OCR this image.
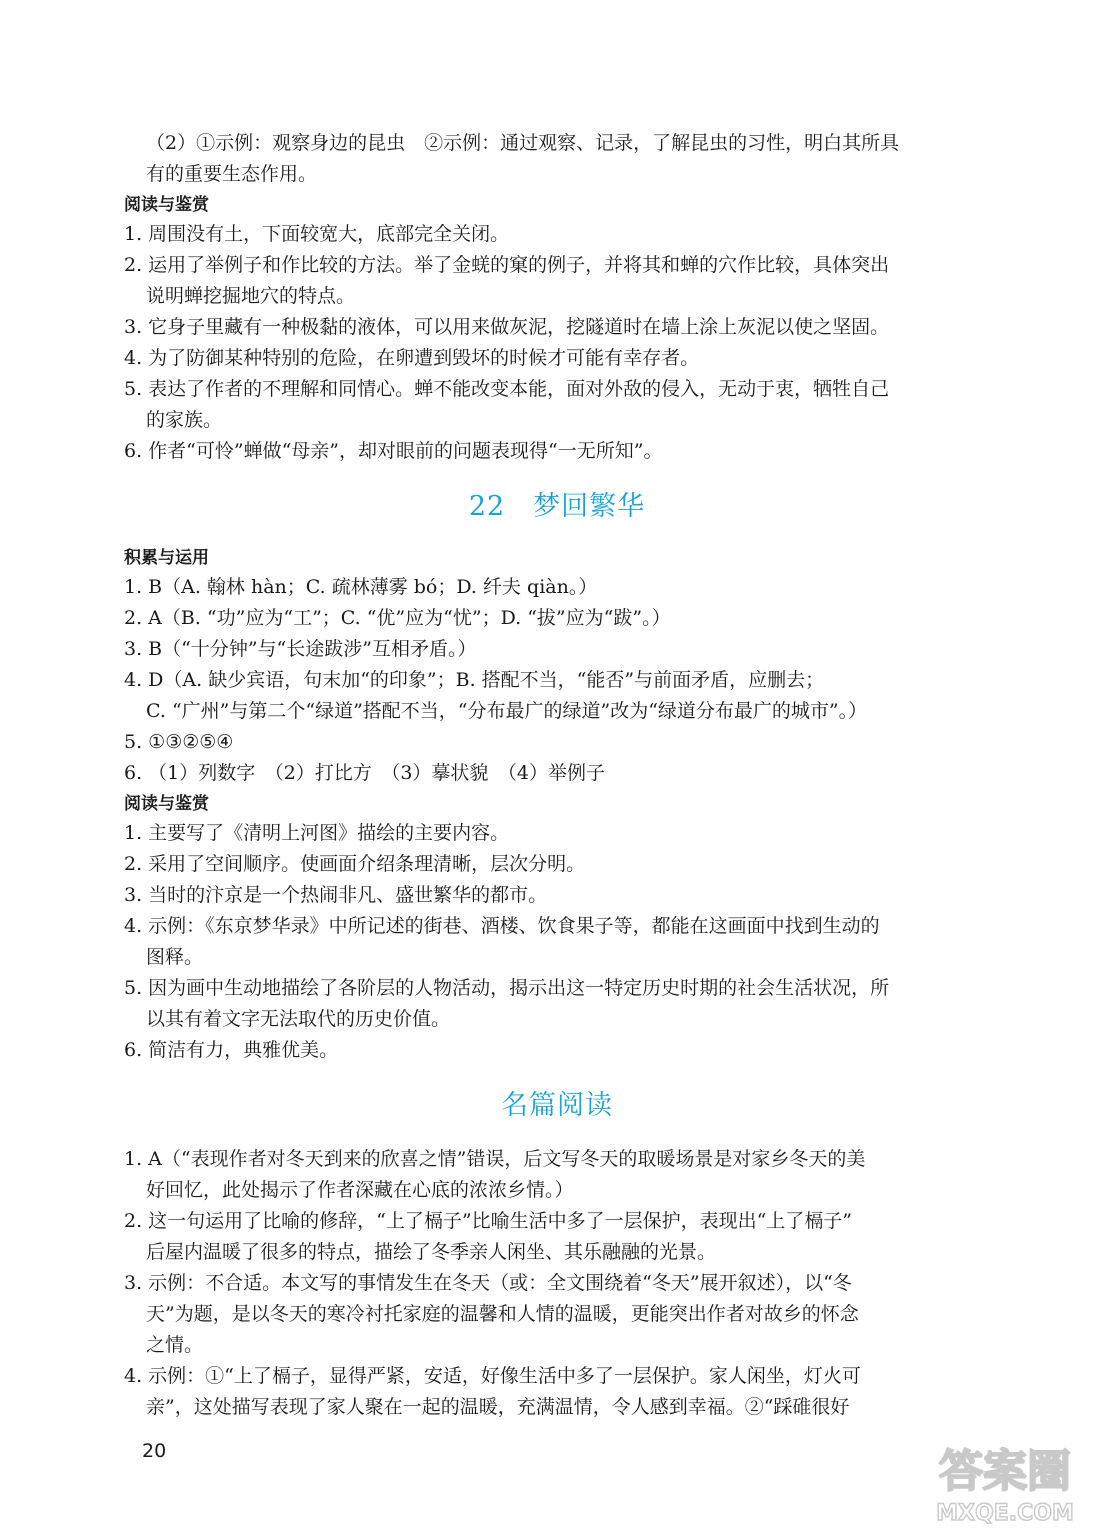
（2）①示例：观察身边的昆虫　②示例：通过观察、记录，了解昆虫的习性，明白其所具

有的重要生态作用。

阅读与鉴赏

1. 周围没有土，下面较宽大，底部完全关闭。

2. 运用了举例子和作比较的方法。举了金蜣的窠的例子，并将其和蝉的穴作比较，具体突出

说明蝉挖掘地穴的特点。

3. 它身子里藏有一种极黏的液体，可以用来做灰泥，挖隧道时在墙上涂上灰泥以使之坚固。

4. 为了防御某种特别的危险，在卵遭到毁坏的时候才可能有幸存者。

5. 表达了作者的不理解和同情心。蝉不能改变本能，面对外敌的侵入，无动于衷，牺牲自己

的家族。

6. 作者“可怜”蝉做“母亲”，却对眼前的问题表现得“一无所知”。

22 梦回繁华

积累与运用

1. B（A. 翰林 hàn；C. 疏林薄雾 bó；D. 纤夫 qiàn。）

2. A（B. “功”应为“工”；C. “优”应为“忧”；D. “拔”应为“跋”。）

3. B（“十分钟”与“长途跋涉”互相矛盾。）

4. D（A. 缺少宾语，句末加“的印象”；B. 搭配不当，“能否”与前面矛盾，应删去；

C. “广州”与第二个“绿道”搭配不当，“分布最广的绿道”改为“绿道分布最广的城市”。）

5. ①③②⑤④

6. （1）列数字　（2）打比方　（3）摹状貌　（4）举例子

阅读与鉴赏

1. 主要写了《清明上河图》描绘的主要内容。

2. 采用了空间顺序。使画面介绍条理清晰，层次分明。

3. 当时的汴京是一个热闹非凡、盛世繁华的都市。

4. 示例：《东京梦华录》中所记述的街巷、酒楼、饮食果子等，都能在这画面中找到生动的

图释。

5. 因为画中生动地描绘了各阶层的人物活动，揭示出这一特定历史时期的社会生活状况，所

以其有着文字无法取代的历史价值。

6. 简洁有力，典雅优美。

名篇阅读

1. A（“表现作者对冬天到来的欣喜之情”错误，后文写冬天的取暖场景是对家乡冬天的美

好回忆，此处揭示了作者深藏在心底的浓浓乡情。）

2. 这一句运用了比喻的修辞，“上了槅子”比喻生活中多了一层保护，表现出“上了槅子”

后屋内温暖了很多的特点，描绘了冬季亲人闲坐、其乐融融的光景。

3. 示例：不合适。本文写的事情发生在冬天（或：全文围绕着“冬天”展开叙述），以“冬

天”为题，是以冬天的寒冷衬托家庭的温馨和人情的温暖，更能突出作者对故乡的怀念

之情。

4. 示例：①“上了槅子，显得严紧，安适，好像生活中多了一层保护。家人闲坐，灯火可

亲”，这处描写表现了家人聚在一起的温暖，充满温情，令人感到幸福。②“踩碓很好

20	答案圈
MXQE.COM
